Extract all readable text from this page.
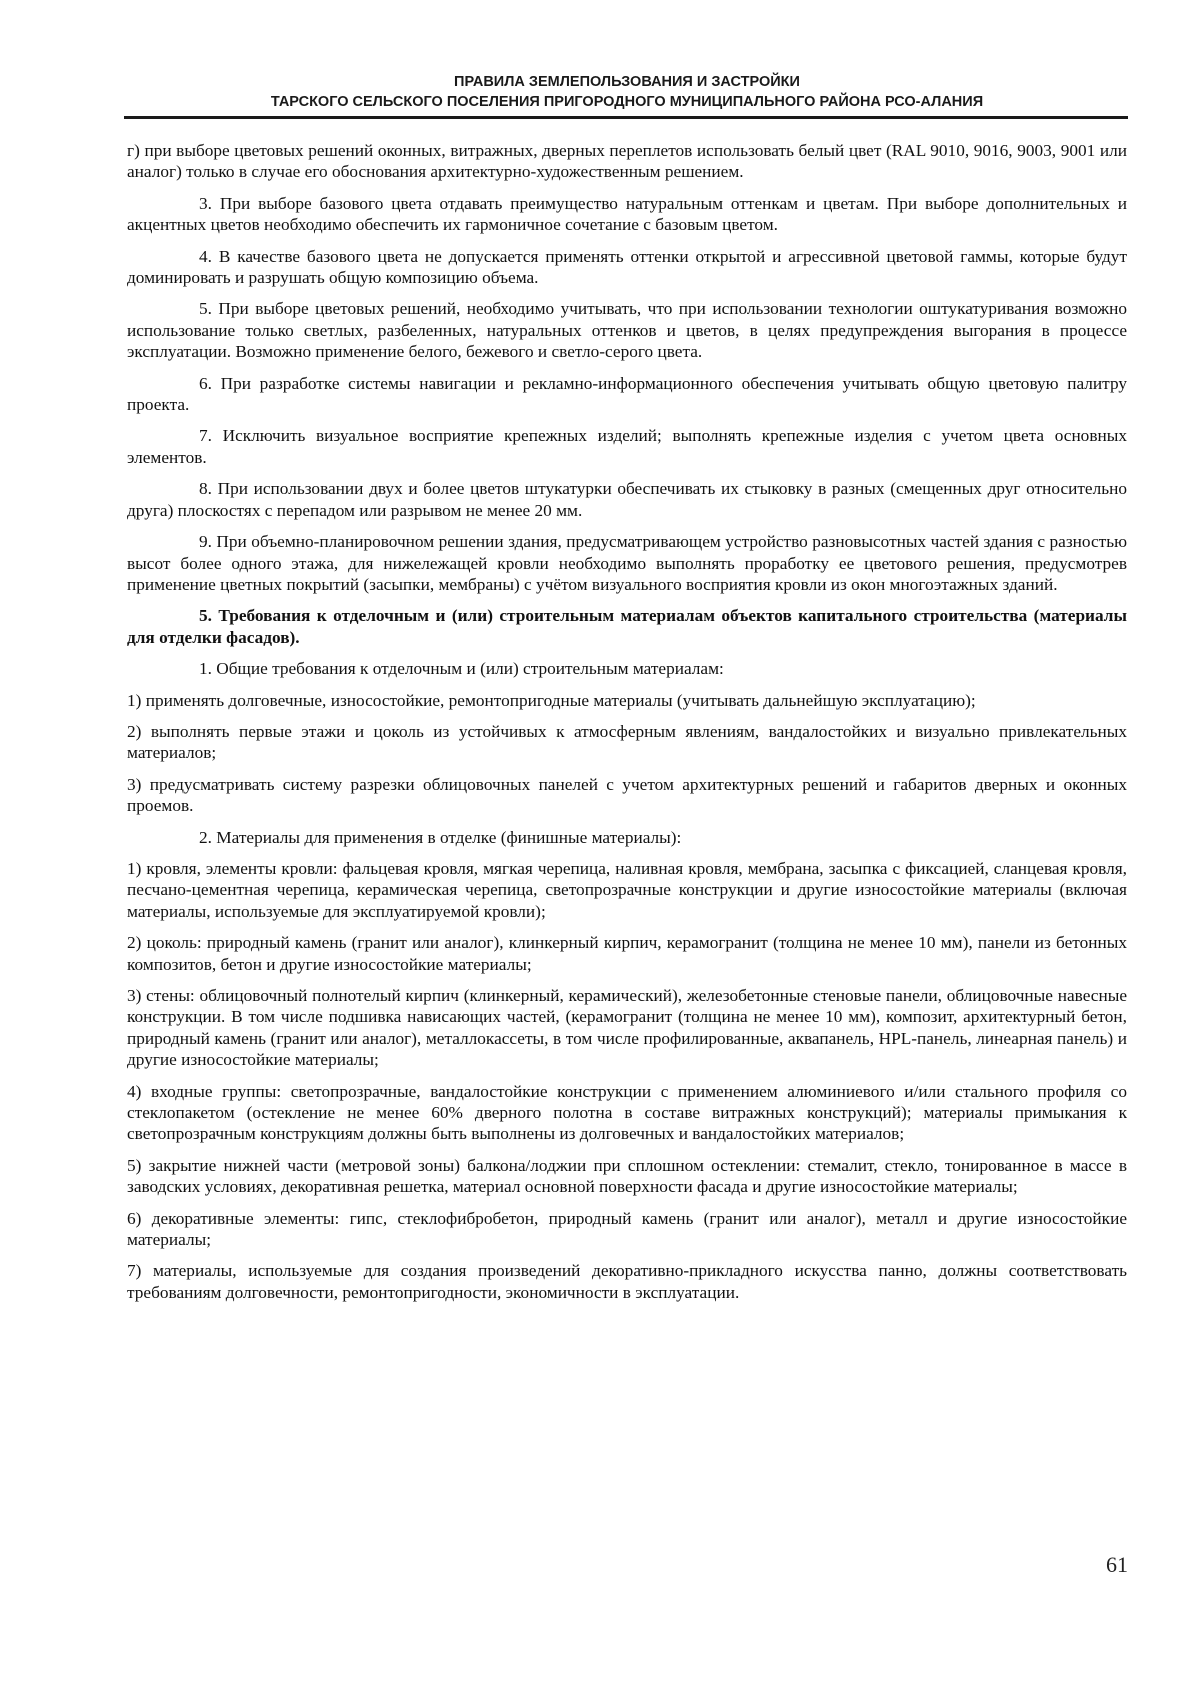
ПРАВИЛА ЗЕМЛЕПОЛЬЗОВАНИЯ И ЗАСТРОЙКИ
ТАРСКОГО СЕЛЬСКОГО ПОСЕЛЕНИЯ ПРИГОРОДНОГО МУНИЦИПАЛЬНОГО РАЙОНА РСО-АЛАНИЯ

г) при выборе цветовых решений оконных, витражных, дверных переплетов использовать белый цвет (RAL 9010, 9016, 9003, 9001 или аналог) только в случае его обоснования архитектурно-художественным решением.

3. При выборе базового цвета отдавать преимущество натуральным оттенкам и цветам. При выборе дополнительных и акцентных цветов необходимо обеспечить их гармоничное сочетание с базовым цветом.

4. В качестве базового цвета не допускается применять оттенки открытой и агрессивной цветовой гаммы, которые будут доминировать и разрушать общую композицию объема.

5. При выборе цветовых решений, необходимо учитывать, что при использовании технологии оштукатуривания возможно использование только светлых, разбеленных, натуральных оттенков и цветов, в целях предупреждения выгорания в процессе эксплуатации. Возможно применение белого, бежевого и светло-серого цвета.

6. При разработке системы навигации и рекламно-информационного обеспечения учитывать общую цветовую палитру проекта.

7. Исключить визуальное восприятие крепежных изделий; выполнять крепежные изделия с учетом цвета основных элементов.

8. При использовании двух и более цветов штукатурки обеспечивать их стыковку в разных (смещенных друг относительно друга) плоскостях с перепадом или разрывом не менее 20 мм.

9. При объемно-планировочном решении здания, предусматривающем устройство разновысотных частей здания с разностью высот более одного этажа, для нижележащей кровли необходимо выполнять проработку ее цветового решения, предусмотрев применение цветных покрытий (засыпки, мембраны) с учётом визуального восприятия кровли из окон многоэтажных зданий.

5. Требования к отделочным и (или) строительным материалам объектов капитального строительства (материалы для отделки фасадов).

1. Общие требования к отделочным и (или) строительным материалам:

1) применять долговечные, износостойкие, ремонтопригодные материалы (учитывать дальнейшую эксплуатацию);

2) выполнять первые этажи и цоколь из устойчивых к атмосферным явлениям, вандалостойких и визуально привлекательных материалов;

3) предусматривать систему разрезки облицовочных панелей с учетом архитектурных решений и габаритов дверных и оконных проемов.

2. Материалы для применения в отделке (финишные материалы):

1) кровля, элементы кровли: фальцевая кровля, мягкая черепица, наливная кровля, мембрана, засыпка с фиксацией, сланцевая кровля, песчано-цементная черепица, керамическая черепица, светопрозрачные конструкции и другие износостойкие материалы (включая материалы, используемые для эксплуатируемой кровли);

2) цоколь: природный камень (гранит или аналог), клинкерный кирпич, керамогранит (толщина не менее 10 мм), панели из бетонных композитов, бетон и другие износостойкие материалы;

3) стены: облицовочный полнотелый кирпич (клинкерный, керамический), железобетонные стеновые панели, облицовочные навесные конструкции. В том числе подшивка нависающих частей, (керамогранит (толщина не менее 10 мм), композит, архитектурный бетон, природный камень (гранит или аналог), металлокассеты, в том числе профилированные, аквапанель, HPL-панель, линеарная панель) и другие износостойкие материалы;

4) входные группы: светопрозрачные, вандалостойкие конструкции с применением алюминиевого и/или стального профиля со стеклопакетом (остекление не менее 60% дверного полотна в составе витражных конструкций); материалы примыкания к светопрозрачным конструкциям должны быть выполнены из долговечных и вандалостойких материалов;

5) закрытие нижней части (метровой зоны) балкона/лоджии при сплошном остеклении: стемалит, стекло, тонированное в массе в заводских условиях, декоративная решетка, материал основной поверхности фасада и другие износостойкие материалы;

6) декоративные элементы: гипс, стеклофибробетон, природный камень (гранит или аналог), металл и другие износостойкие материалы;

7) материалы, используемые для создания произведений декоративно-прикладного искусства панно, должны соответствовать требованиям долговечности, ремонтопригодности, экономичности в эксплуатации.

61
